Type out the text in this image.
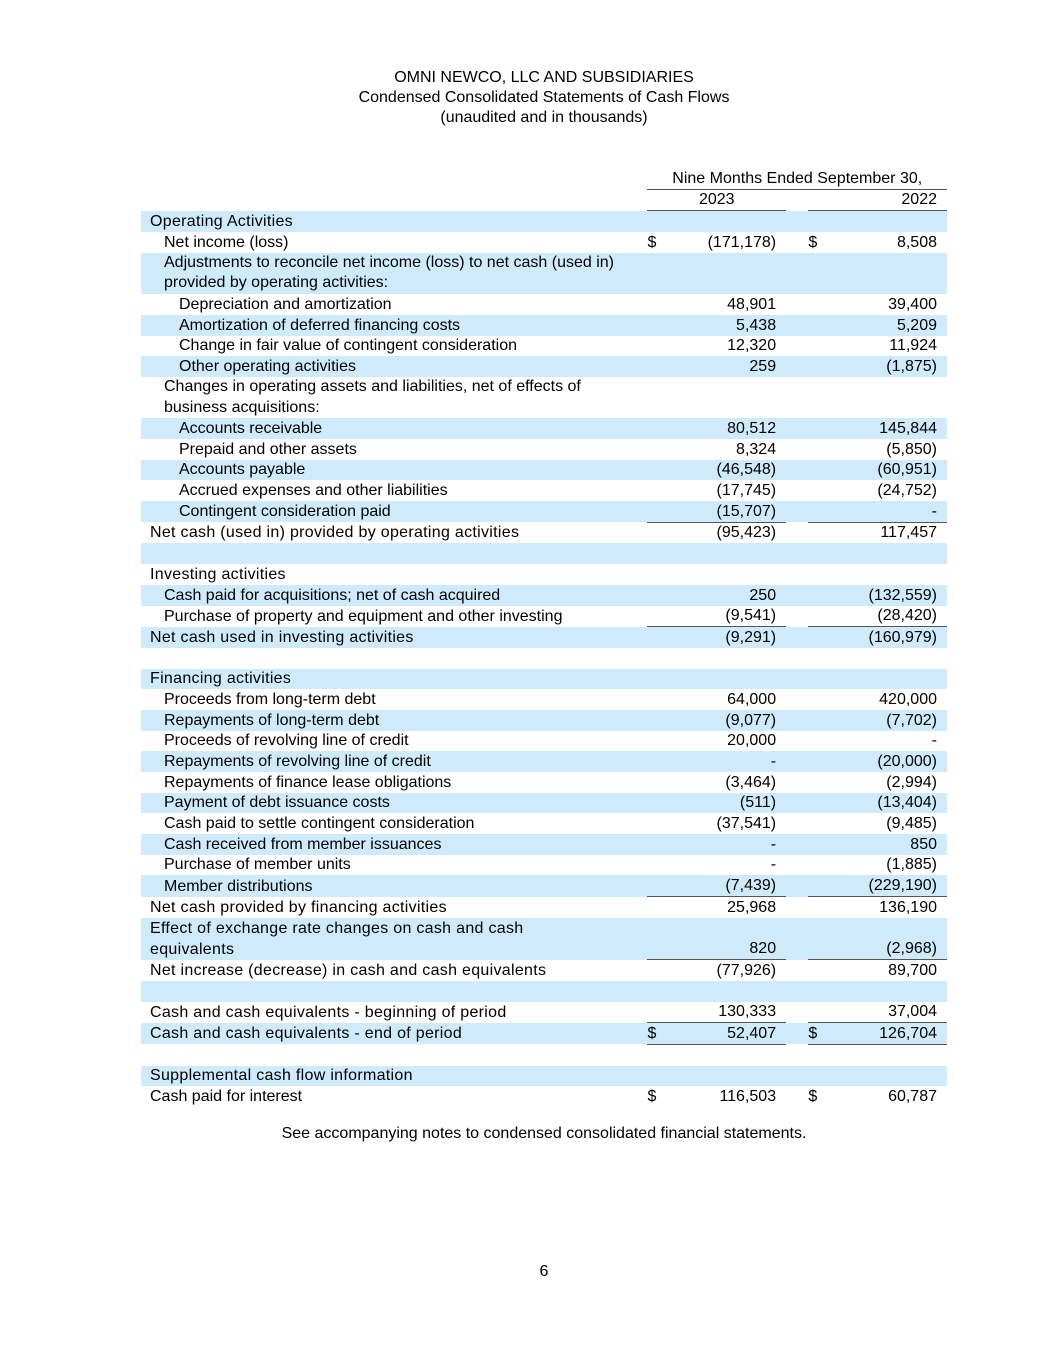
OMNI NEWCO, LLC AND SUBSIDIARIES
Condensed Consolidated Statements of Cash Flows
(unaudited and in thousands)
	Nine Months Ended September 30,				
	2023			2022	
Operating Activities					
Net income (loss)	$	(171,178)		$	8,508
Adjustments to reconcile net income (loss) to net cash (used in) provided by operating activities:					
Depreciation and amortization		48,901			39,400
Amortization of deferred financing costs		5,438			5,209
Change in fair value of contingent consideration		12,320			11,924
Other operating activities		259			(1,875)
Changes in operating assets and liabilities, net of effects of business acquisitions:					
Accounts receivable		80,512			145,844
Prepaid and other assets		8,324			(5,850)
Accounts payable		(46,548)			(60,951)
Accrued expenses and other liabilities		(17,745)			(24,752)
Contingent consideration paid		(15,707)			-
Net cash (used in) provided by operating activities		(95,423)			117,457

Investing activities					
Cash paid for acquisitions; net of cash acquired		250			(132,559)
Purchase of property and equipment and other investing		(9,541)			(28,420)
Net cash used in investing activities		(9,291)			(160,979)

Financing activities					
Proceeds from long-term debt		64,000			420,000
Repayments of long-term debt		(9,077)			(7,702)
Proceeds of revolving line of credit		20,000			-
Repayments of revolving line of credit		-			(20,000)
Repayments of finance lease obligations		(3,464)			(2,994)
Payment of debt issuance costs		(511)			(13,404)
Cash paid to settle contingent consideration		(37,541)			(9,485)
Cash received from member issuances		-			850
Purchase of member units		-			(1,885)
Member distributions		(7,439)			(229,190)
Net cash provided by financing activities		25,968			136,190
Effect of exchange rate changes on cash and cash					
equivalents		820			(2,968)
Net increase (decrease) in cash and cash equivalents		(77,926)			89,700

Cash and cash equivalents - beginning of period		130,333			37,004
Cash and cash equivalents - end of period	$	52,407		$	126,704

Supplemental cash flow information					
Cash paid for interest	$	116,503		$	60,787
See accompanying notes to condensed consolidated financial statements.
6
